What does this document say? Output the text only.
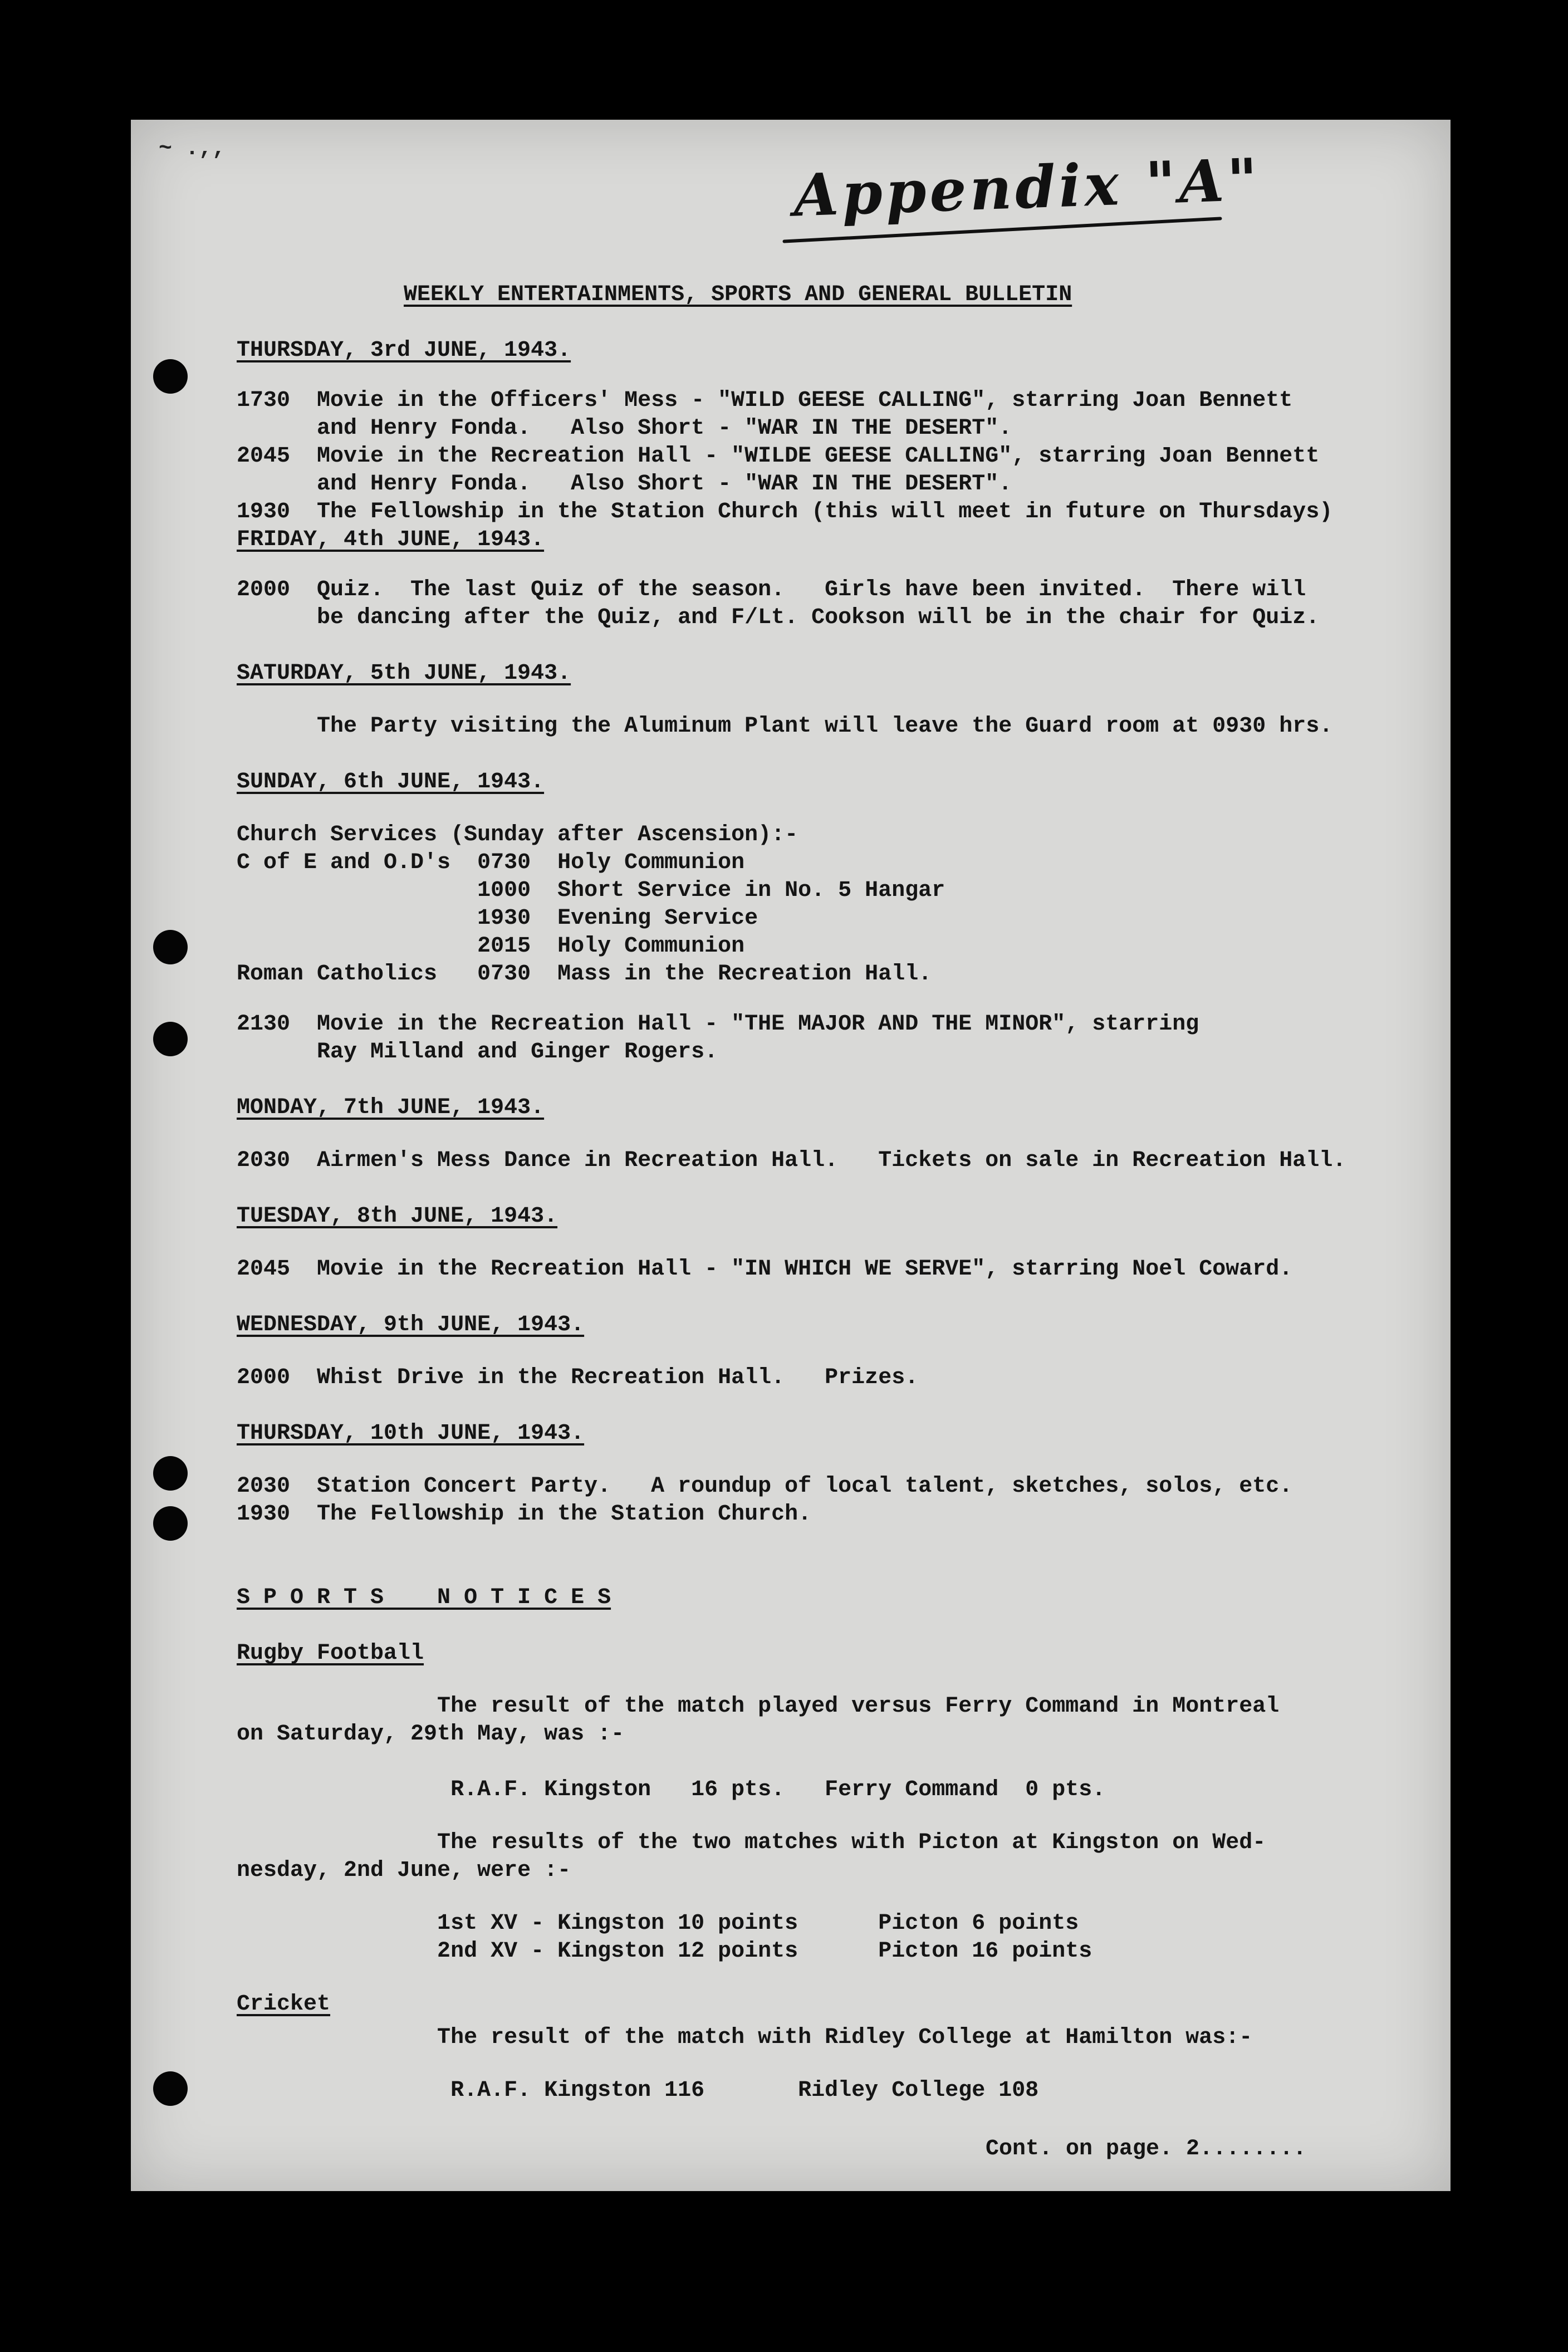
~ .,,	Appendix "A"

WEEKLY ENTERTAINMENTS, SPORTS AND GENERAL BULLETIN

THURSDAY, 3rd JUNE, 1943.

1730  Movie in the Officers' Mess - "WILD GEESE CALLING", starring Joan Bennett

and Henry Fonda.   Also Short - "WAR IN THE DESERT".

2045  Movie in the Recreation Hall - "WILDE GEESE CALLING", starring Joan Bennett

and Henry Fonda.   Also Short - "WAR IN THE DESERT".

1930  The Fellowship in the Station Church (this will meet in future on Thursdays)

FRIDAY, 4th JUNE, 1943.

2000  Quiz.  The last Quiz of the season.   Girls have been invited.  There will

be dancing after the Quiz, and F/Lt. Cookson will be in the chair for Quiz.

SATURDAY, 5th JUNE, 1943.

The Party visiting the Aluminum Plant will leave the Guard room at 0930 hrs.

SUNDAY, 6th JUNE, 1943.

Church Services (Sunday after Ascension):-

C of E and O.D's  0730  Holy Communion

1000  Short Service in No. 5 Hangar

1930  Evening Service

2015  Holy Communion

Roman Catholics   0730  Mass in the Recreation Hall.

2130  Movie in the Recreation Hall - "THE MAJOR AND THE MINOR", starring

Ray Milland and Ginger Rogers.

MONDAY, 7th JUNE, 1943.

2030  Airmen's Mess Dance in Recreation Hall.   Tickets on sale in Recreation Hall.

TUESDAY, 8th JUNE, 1943.

2045  Movie in the Recreation Hall - "IN WHICH WE SERVE", starring Noel Coward.

WEDNESDAY, 9th JUNE, 1943.

2000  Whist Drive in the Recreation Hall.   Prizes.

THURSDAY, 10th JUNE, 1943.

2030  Station Concert Party.   A roundup of local talent, sketches, solos, etc.

1930  The Fellowship in the Station Church.

S P O R T S    N O T I C E S

Rugby Football

The result of the match played versus Ferry Command in Montreal

on Saturday, 29th May, was :-

R.A.F. Kingston   16 pts.   Ferry Command  0 pts.

The results of the two matches with Picton at Kingston on Wed-

nesday, 2nd June, were :-

1st XV - Kingston 10 points      Picton 6 points

2nd XV - Kingston 12 points      Picton 16 points

Cricket

The result of the match with Ridley College at Hamilton was:-

R.A.F. Kingston 116       Ridley College 108

Cont. on page. 2........
